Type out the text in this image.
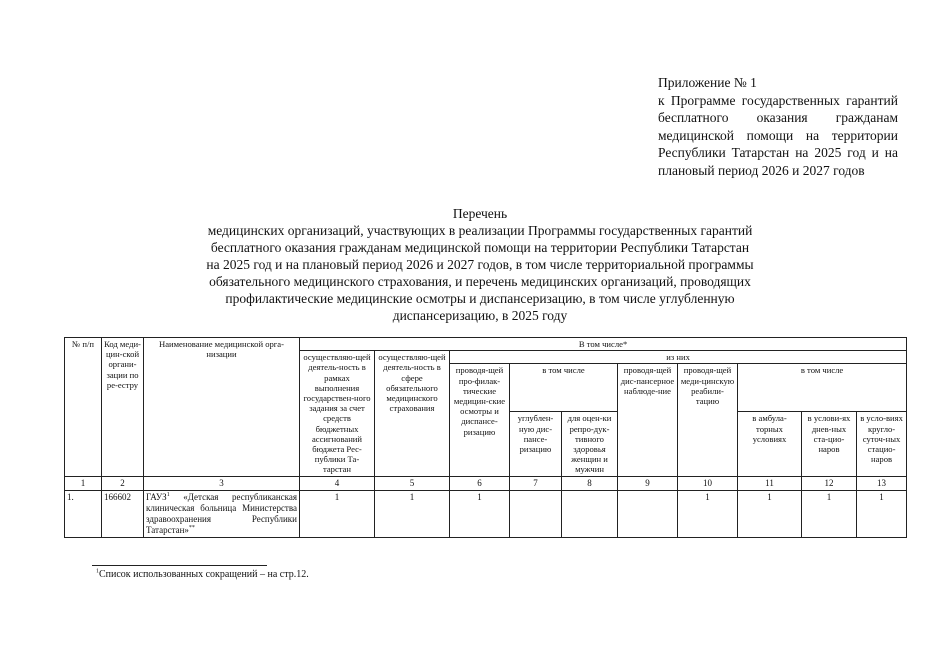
Приложение № 1
к Программе государственных гарантий бесплатного оказания гражданам медицинской помощи на территории Республики Татарстан на 2025 год и на плановый период 2026 и 2027 годов
Перечень
медицинских организаций, участвующих в реализации Программы государственных гарантий
бесплатного оказания гражданам медицинской помощи на территории Республики Татарстан
на 2025 год и на плановый период 2026 и 2027 годов, в том числе территориальной программы
обязательного медицинского страхования, и перечень медицинских организаций, проводящих
профилактические медицинские осмотры и диспансеризацию, в том числе углубленную
диспансеризацию, в 2025 году
№ п/п	Код меди-цин-ской органи-зации по ре-естру	Наименование медицинской орга-низации	В том числе*									
			осуществляю-щей деятель-ность в рамках выполнения государствен-ного задания за счет средств бюджетных ассигнований бюджета Рес-публики Та-тарстан	осуществляю-щей деятель-ность в сфере обязательного медицинского страхования	из них							
					проводя-щей про-филак-тические медицин-ские осмотры и диспансе-ризацию	в том числе		проводя-щей дис-пансерное наблюде-ние	проводя-щей меди-цинскую реабили-тацию	в том числе		
						углублен-ную дис-пансе-ризацию	для оцен-ки репро-дук-тивного здоровья женщин и мужчин			в амбула-торных условиях	в услови-ях днев-ных ста-циo-наров	в усло-виях кругло-суточ-ных стацио-наров
1	2	3	4	5	6	7	8	9	10	11	12	13
1.	166602	ГАУЗ$^1$ «Детская республиканская клиническая больница Министерства здравоохранения Республики Татарстан»**	1	1	1				1	1	1	1
$^1$Список использованных сокращений – на стр.12.
